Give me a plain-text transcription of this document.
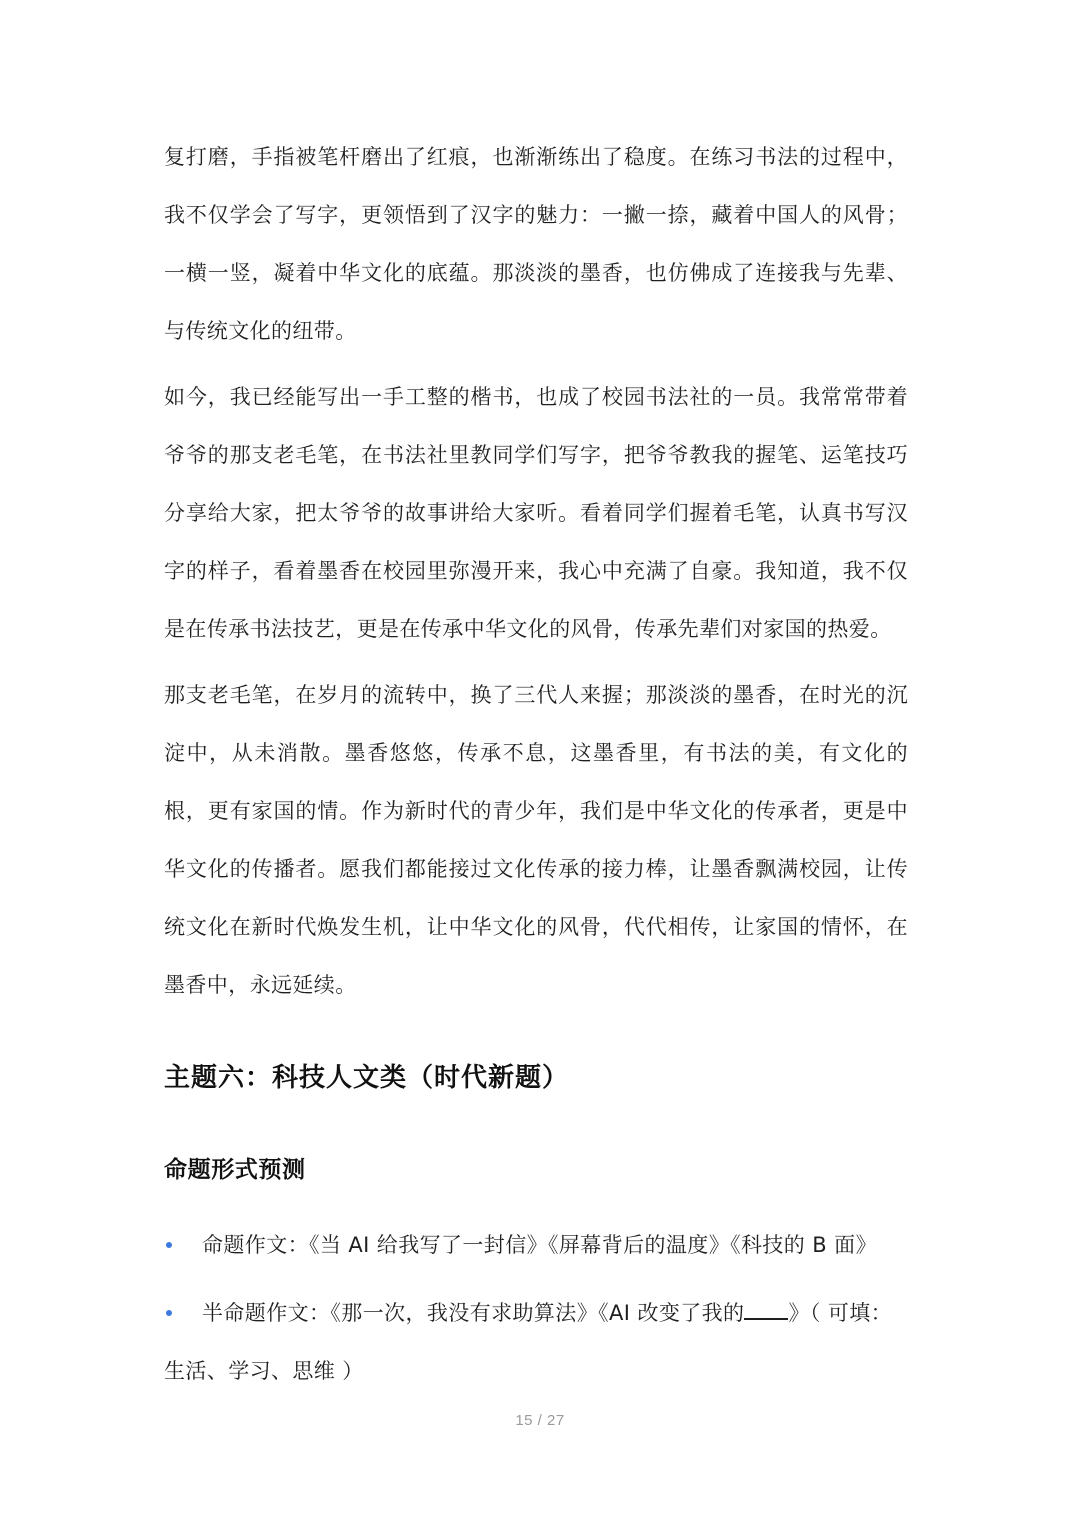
复打磨，手指被笔杆磨出了红痕，也渐渐练出了稳度。在练习书法的过程中，我不仅学会了写字，更领悟到了汉字的魅力：一撇一捺，藏着中国人的风骨；一横一竖，凝着中华文化的底蕴。那淡淡的墨香，也仿佛成了连接我与先辈、与传统文化的纽带。

如今，我已经能写出一手工整的楷书，也成了校园书法社的一员。我常常带着爷爷的那支老毛笔，在书法社里教同学们写字，把爷爷教我的握笔、运笔技巧分享给大家，把太爷爷的故事讲给大家听。看着同学们握着毛笔，认真书写汉字的样子，看着墨香在校园里弥漫开来，我心中充满了自豪。我知道，我不仅是在传承书法技艺，更是在传承中华文化的风骨，传承先辈们对家国的热爱。

那支老毛笔，在岁月的流转中，换了三代人来握；那淡淡的墨香，在时光的沉淀中，从未消散。墨香悠悠，传承不息，这墨香里，有书法的美，有文化的根，更有家国的情。作为新时代的青少年，我们是中华文化的传承者，更是中华文化的传播者。愿我们都能接过文化传承的接力棒，让墨香飘满校园，让传统文化在新时代焕发生机，让中华文化的风骨，代代相传，让家国的情怀，在墨香中，永远延续。

主题六：科技人文类（时代新题）
命题形式预测
命题作文：《当 AI 给我写了一封信》《屏幕背后的温度》《科技的 B 面》
半命题作文：《那一次，我没有求助算法》《AI 改变了我的 》（ 可填：生活、学习、思维 ）
15 / 27
